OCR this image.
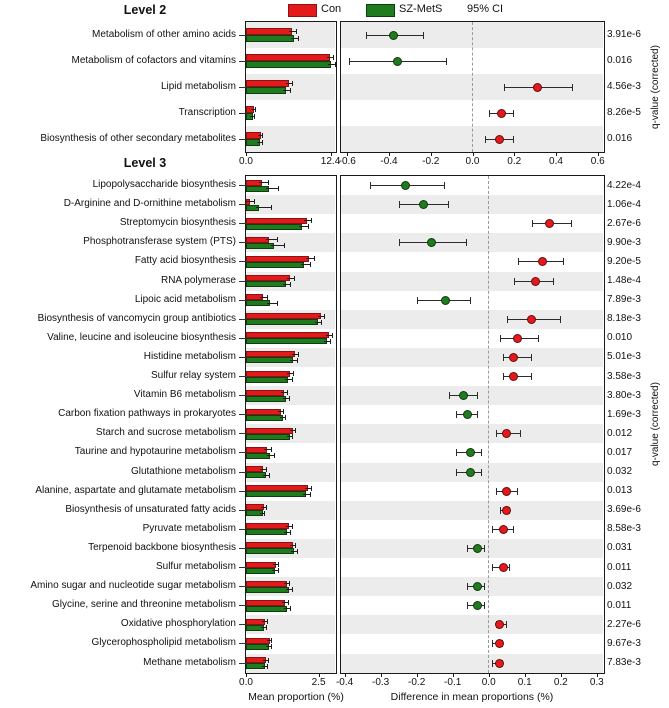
Level 2
Level 3
Con	SZ-MetS 95% CI
q-value (corrected)
q-value (corrected)
Mean proportion (%)	Difference in mean proportions (%)
Metabolism of other amino acids	3.91e-6
Metabolism of cofactors and vitamins	0.016
Lipid metabolism	4.56e-3
Transcription	8.26e-5
Biosynthesis of other secondary metabolites	0.016
0.0	12.4
-0.6 -0.4 -0.2	0.0	0.2	0.4	0.6
Lipopolysaccharide biosynthesis	4.22e-4
D-Arginine and D-ornithine metabolism	1.06e-4
Streptomycin biosynthesis	2.67e-6
Phosphotransferase system (PTS)	9.90e-3
Fatty acid biosynthesis	9.20e-5
RNA polymerase	1.48e-4
Lipoic acid metabolism	7.89e-3
Biosynthesis of vancomycin group antibiotics	8.18e-3
Valine, leucine and isoleucine biosynthesis	0.010
Histidine metabolism	5.01e-3
Sulfur relay system	3.58e-3
Vitamin B6 metabolism	3.80e-3
Carbon fixation pathways in prokaryotes	1.69e-3
Starch and sucrose metabolism	0.012
Taurine and hypotaurine metabolism	0.017
Glutathione metabolism	0.032
Alanine, aspartate and glutamate metabolism	0.013
Biosynthesis of unsaturated fatty acids	3.69e-6
Pyruvate metabolism	8.58e-3
Terpenoid backbone biosynthesis	0.031
Sulfur metabolism	0.011
Amino sugar and nucleotide sugar metabolism	0.032
Glycine, serine and threonine metabolism	0.011
Oxidative phosphorylation	2.27e-6
Glycerophospholipid metabolism	9.67e-3
Methane metabolism	7.83e-3
0.0	2.5 -0.4 -0.3 -0.2 -0.1 0.0 0.1 0.2 0.3
